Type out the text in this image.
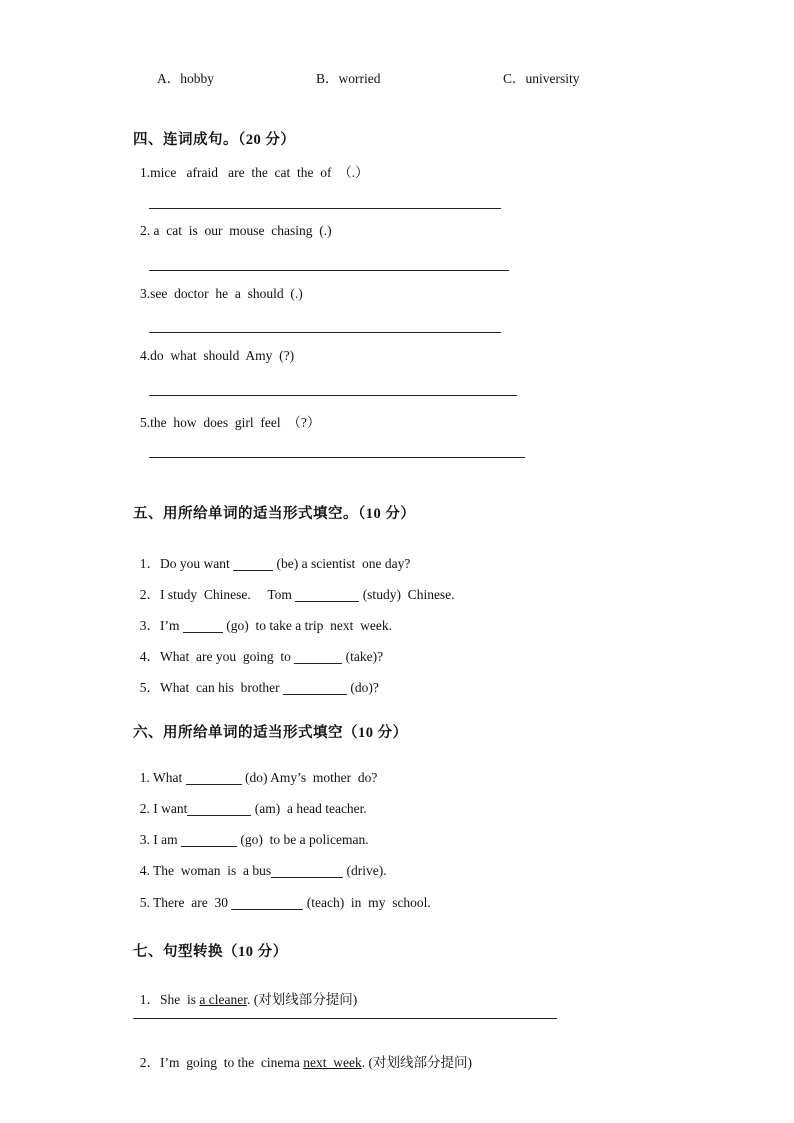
A．hobby	B．worried	C．university
四、连词成句。（20 分）
1.mice   afraid   are  the  cat  the  of  （.）
2. a  cat  is  our  mouse  chasing  (.)
3.see  doctor  he  a  should  (.)
4.do  what  should  Amy  (?)
5.the  how  does  girl  feel  （?）
五、用所给单词的适当形式填空。（10 分）

1．Do you want	(be) a scientist  one day?

2．I study  Chinese.     Tom	(study)  Chinese.

3．I’m	(go)  to take a trip  next  week.

4．What  are you  going  to	(take)?

5．What  can his  brother	(do)?

六、用所给单词的适当形式填空（10 分）

1. What	(do) Amy’s  mother  do?

2. I want	(am)  a head teacher.

3. I am	(go)  to be a policeman.

4. The  woman  is  a bus	(drive).

5. There  are  30	(teach)  in  my  school.

七、句型转换（10 分）

1．She  is a cleaner. (对划线部分提问)

2．I’m  going  to the  cinema next  week. (对划线部分提问)
